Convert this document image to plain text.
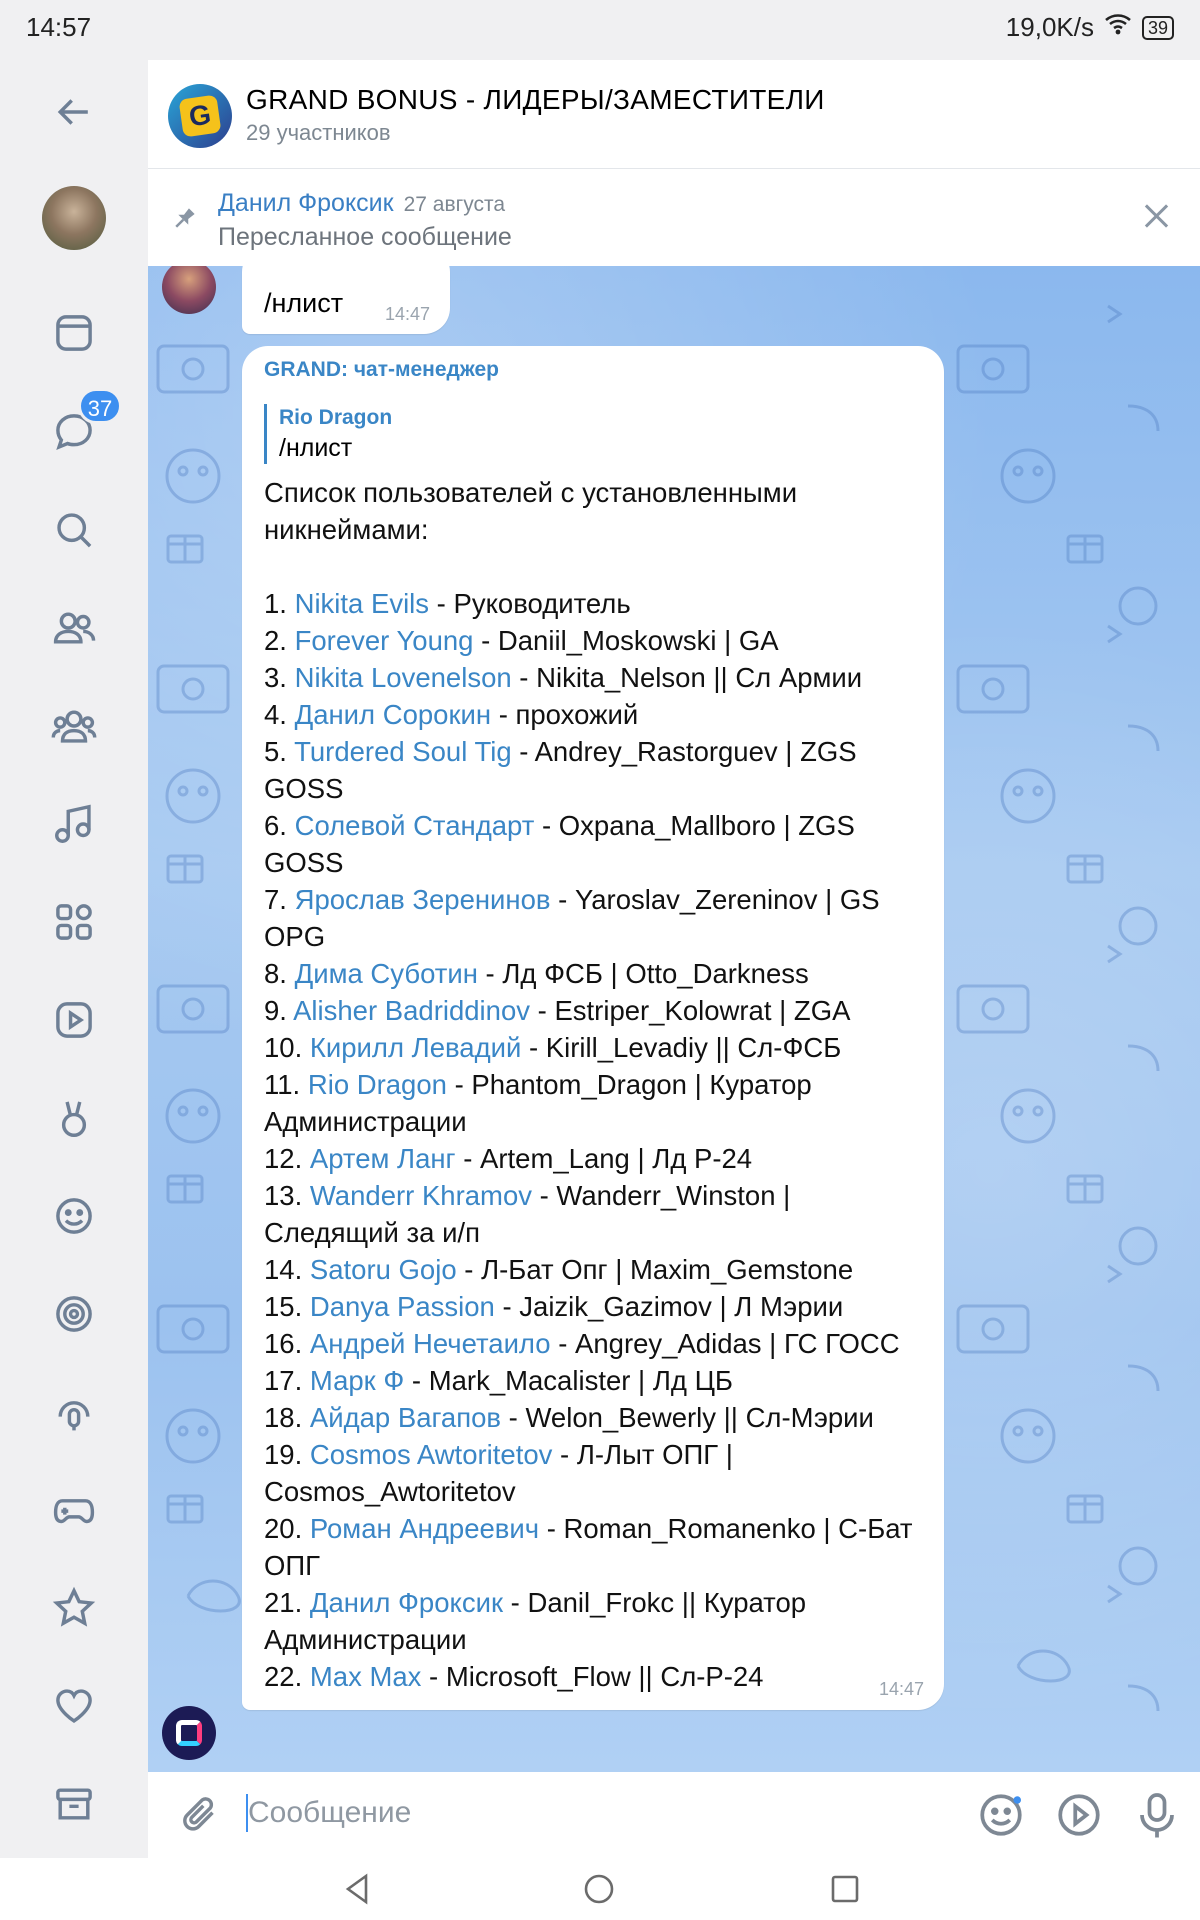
37
14:57	19,0K/s	39
G	GRAND BONUS - ЛИДЕРЫ/ЗАМЕСТИТЕЛИ
29 участников
Данил Фроксик 27 августа
Пересланное сообщение
/нлист 14:47
GRAND: чат-менеджер
Rio Dragon
/нлист
Список пользователей с установленными никнеймами:
1. Nikita Evils - Руководитель
2. Forever Young - Daniil_Moskowski | GA
3. Nikita Lovenelson - Nikita_Nelson || Сл Армии
4. Данил Сорокин - прохожий
5. Turdered Soul Tig - Andrey_Rastorguev | ZGS GOSS
6. Солевой Стандарт - Oxpana_Mallboro | ZGS GOSS
7. Ярослав Зеренинов - Yaroslav_Zereninov | GS OPG
8. Дима Суботин - Лд ФСБ | Otto_Darkness
9. Alisher Badriddinov - Estriper_Kolowrat | ZGA
10. Кирилл Левадий - Kirill_Levadiy || Сл-ФСБ
11. Rio Dragon - Phantom_Dragon | Куратор Администрации
12. Артем Ланг - Artem_Lang | Лд Р-24
13. Wanderr Khramov - Wanderr_Winston | Следящий за и/п
14. Satoru Gojo - Л-Бат Опг | Maxim_Gemstone
15. Danya Passion - Jaizik_Gazimov | Л Мэрии
16. Андрей Нечетаило - Angrey_Adidas | ГС ГОСС
17. Марк Ф - Mark_Macalister | Лд ЦБ
18. Айдар Вагапов - Welon_Bewerly || Сл-Мэрии
19. Cosmos Awtoritetov - Л-Лыт ОПГ | Cosmos_Awtoritetov
20. Роман Андреевич - Roman_Romanenko | С-Бат ОПГ
21. Данил Фроксик - Danil_Frokc || Куратор Администрации
22. Max Max - Microsoft_Flow || Сл-Р-24	14:47
Сообщение
